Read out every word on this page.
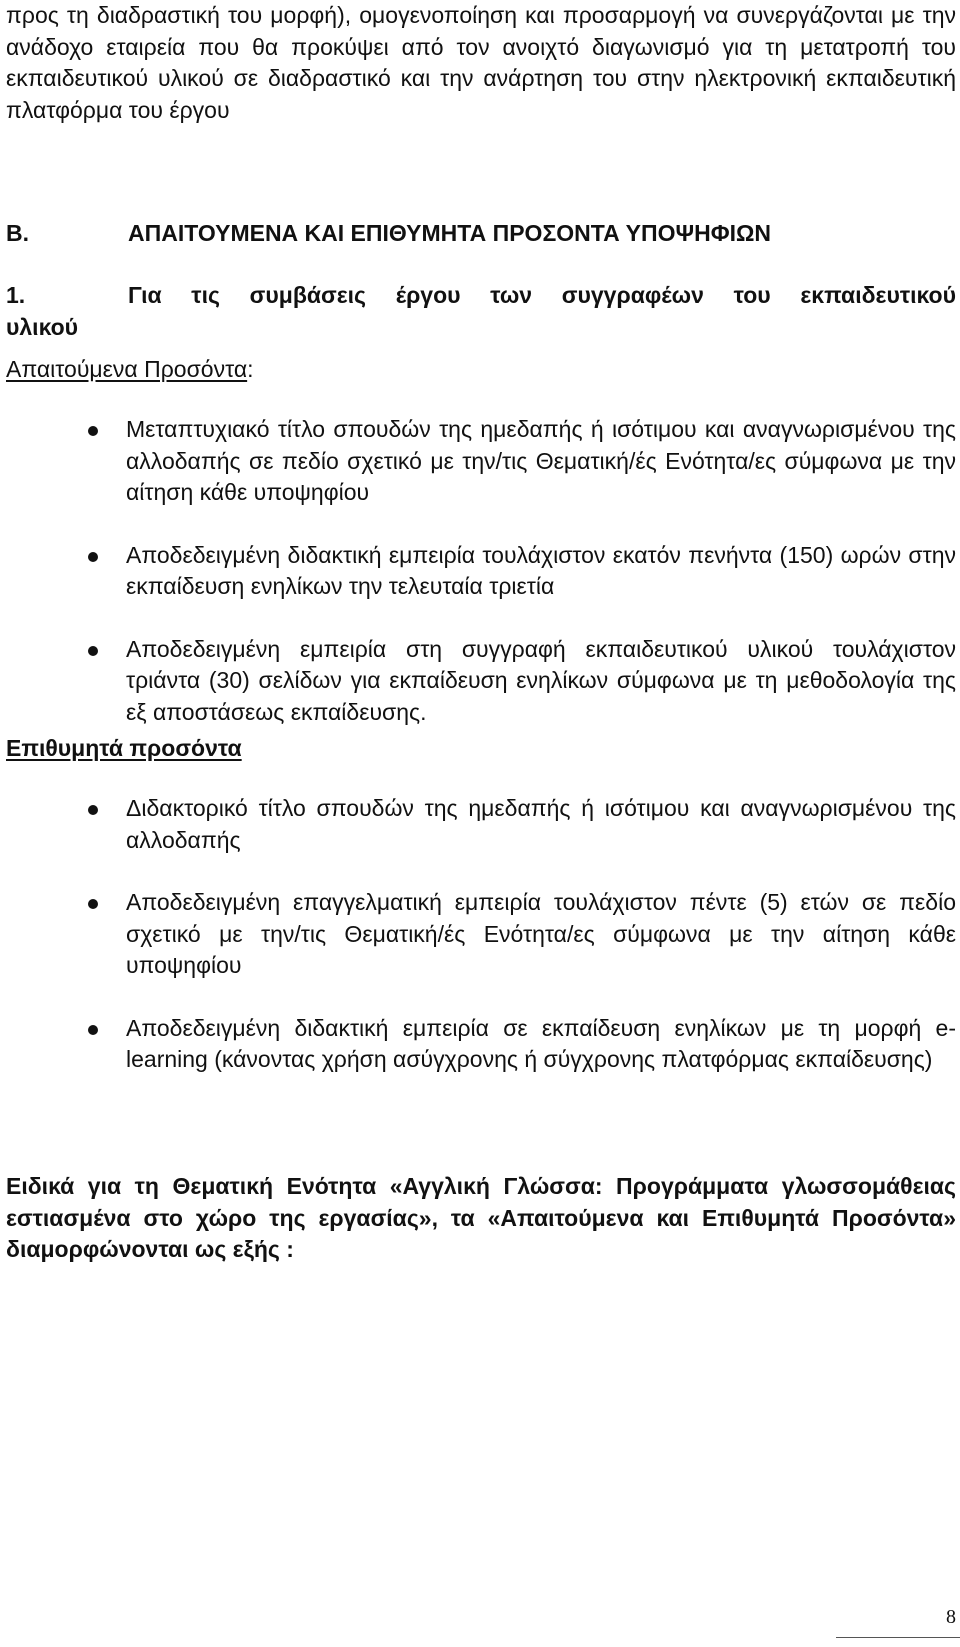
προς τη διαδραστική του μορφή), ομογενοποίηση και προσαρμογή να συνεργάζονται με την ανάδοχο εταιρεία που θα προκύψει από τον ανοιχτό διαγωνισμό για τη μετατροπή του εκπαιδευτικού υλικού σε διαδραστικό και την ανάρτηση του στην ηλεκτρονική εκπαιδευτική πλατφόρμα του έργου

Β.	ΑΠΑΙΤΟΥΜΕΝΑ ΚΑΙ ΕΠΙΘΥΜΗΤΑ ΠΡΟΣΟΝΤΑ ΥΠΟΨΗΦΙΩΝ
1.	Για τις συμβάσεις έργου των συγγραφέων του εκπαιδευτικού
υλικού
Απαιτούμενα Προσόντα:
Μεταπτυχιακό τίτλο σπουδών της ημεδαπής ή ισότιμου και αναγνωρισμένου της αλλοδαπής σε πεδίο σχετικό με την/τις Θεματική/ές Ενότητα/ες σύμφωνα με την αίτηση κάθε υποψηφίου
Αποδεδειγμένη διδακτική εμπειρία τουλάχιστον εκατόν πενήντα (150) ωρών στην εκπαίδευση ενηλίκων την τελευταία τριετία
Αποδεδειγμένη εμπειρία στη συγγραφή εκπαιδευτικού υλικού τουλάχιστον τριάντα (30) σελίδων για εκπαίδευση ενηλίκων σύμφωνα με τη μεθοδολογία της εξ αποστάσεως εκπαίδευσης.
Επιθυμητά προσόντα
Διδακτορικό τίτλο σπουδών της ημεδαπής ή ισότιμου και αναγνωρισμένου της αλλοδαπής
Αποδεδειγμένη επαγγελματική εμπειρία τουλάχιστον πέντε (5) ετών σε πεδίο σχετικό με την/τις Θεματική/ές Ενότητα/ες σύμφωνα με την αίτηση κάθε υποψηφίου
Αποδεδειγμένη διδακτική εμπειρία σε εκπαίδευση ενηλίκων με τη μορφή e-learning (κάνοντας χρήση ασύγχρονης ή σύγχρονης πλατφόρμας εκπαίδευσης)

Ειδικά για τη Θεματική Ενότητα «Αγγλική Γλώσσα: Προγράμματα γλωσσομάθειας εστιασμένα στο χώρο της εργασίας», τα «Απαιτούμενα και Επιθυμητά Προσόντα» διαμορφώνονται ως εξής :

8
